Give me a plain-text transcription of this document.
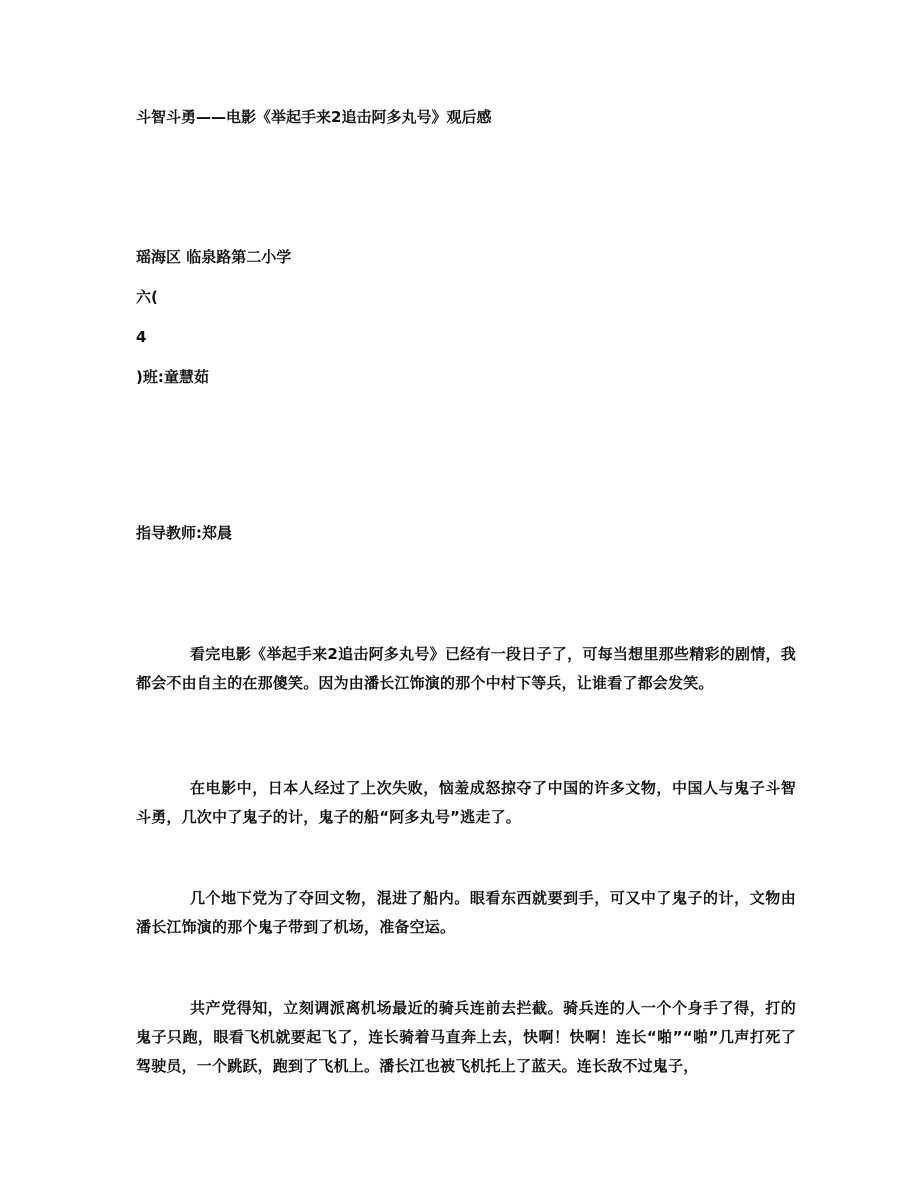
斗智斗勇——电影《举起手来2追击阿多丸号》观后感
瑶海区 临泉路第二小学
六(
4
)班:童慧茹
指导教师:郑晨
看完电影《举起手来2追击阿多丸号》已经有一段日子了，可每当想里那些精彩的剧情，我都会不由自主的在那傻笑。因为由潘长江饰演的那个中村下等兵，让谁看了都会发笑。
在电影中，日本人经过了上次失败，恼羞成怒掠夺了中国的许多文物，中国人与鬼子斗智斗勇，几次中了鬼子的计，鬼子的船“阿多丸号”逃走了。
几个地下党为了夺回文物，混进了船内。眼看东西就要到手，可又中了鬼子的计，文物由潘长江饰演的那个鬼子带到了机场，准备空运。
共产党得知，立刻调派离机场最近的骑兵连前去拦截。骑兵连的人一个个身手了得，打的鬼子只跑，眼看飞机就要起飞了，连长骑着马直奔上去，快啊！快啊！连长“啪”“啪”几声打死了驾驶员，一个跳跃，跑到了飞机上。潘长江也被飞机托上了蓝天。连长敌不过鬼子，
